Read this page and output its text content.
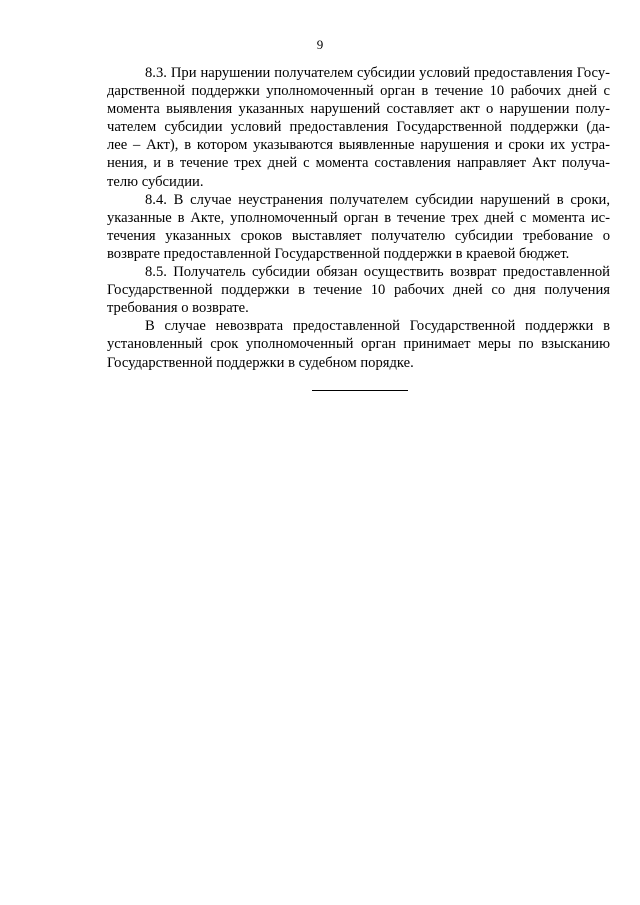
9
8.3. При нарушении получателем субсидии условий предоставления Госу-
дарственной поддержки уполномоченный орган в течение 10 рабочих дней с
момента выявления указанных нарушений составляет акт о нарушении полу-
чателем субсидии условий предоставления Государственной поддержки (да-
лее – Акт), в котором указываются выявленные нарушения и сроки их устра-
нения, и в течение трех дней с момента составления направляет Акт получа-
телю субсидии.
8.4. В случае неустранения получателем субсидии нарушений в сроки,
указанные в Акте, уполномоченный орган в течение трех дней с момента ис-
течения указанных сроков выставляет получателю субсидии требование о
возврате предоставленной Государственной поддержки в краевой бюджет.
8.5. Получатель субсидии обязан осуществить возврат предоставленной
Государственной поддержки в течение 10 рабочих дней со дня получения
требования о возврате.
В случае невозврата предоставленной Государственной поддержки в
установленный срок уполномоченный орган принимает меры по взысканию
Государственной поддержки в судебном порядке.
